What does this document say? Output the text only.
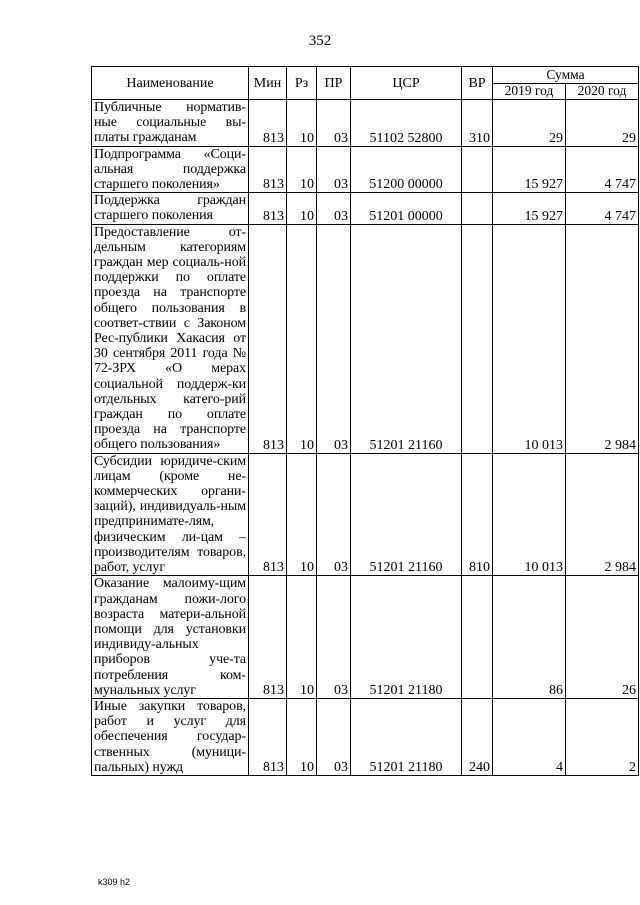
352
Наименование	Мин	Рз	ПР	ЦСР	ВР	Сумма	
						2019 год	2020 год
Публичные норматив-ные социальные вы-платы гражданам	813	10	03	51102 52800	310	29	29
Подпрограмма «Соци-альная поддержка старшего поколения»	813	10	03	51200 00000		15 927	4 747
Поддержка граждан старшего поколения	813	10	03	51201 00000		15 927	4 747
Предоставление от-дельным категориям граждан мер социаль-ной поддержки по оплате проезда на транспорте общего пользования в соответ-ствии с Законом Рес-публики Хакасия от 30 сентября 2011 года № 72-ЗРХ «О мерах социальной поддерж-ки отдельных катего-рий граждан по оплате проезда на транспорте общего пользования»	813	10	03	51201 21160		10 013	2 984
Субсидии юридиче-ским лицам (кроме не-коммерческих органи-заций), индивидуаль-ным предпринимате-лям, физическим ли-цам – производителям товаров, работ, услуг	813	10	03	51201 21160	810	10 013	2 984
Оказание малоиму-щим гражданам пожи-лого возраста матери-альной помощи для установки индивиду-альных приборов уче-та потребления ком-мунальных услуг	813	10	03	51201 21180		86	26
Иные закупки товаров, работ и услуг для обеспечения государ-ственных (муници-пальных) нужд	813	10	03	51201 21180	240	4	2
k309 h2
